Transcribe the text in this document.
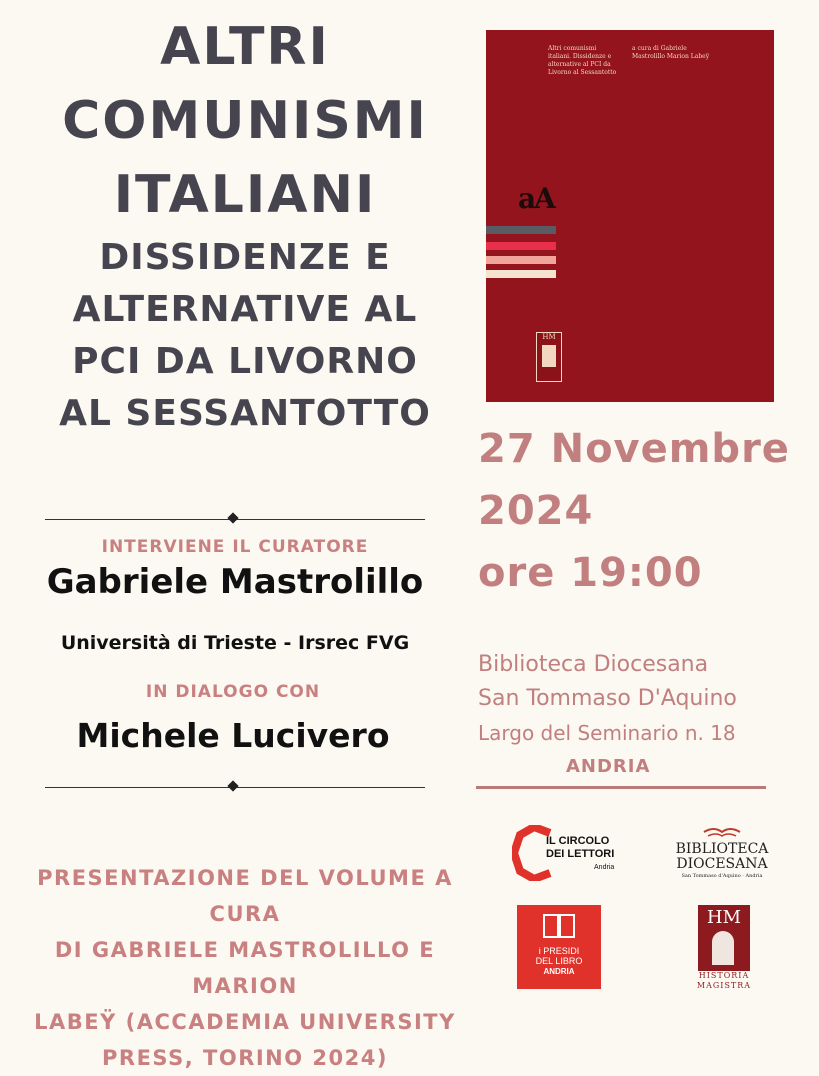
ALTRI
COMUNISMI
ITALIANI
DISSIDENZE E
ALTERNATIVE AL
PCI DA LIVORNO
AL SESSANTOTTO
Altri comunismi italiani. Dissidenze e alternative al PCI da Livorno al Sessantotto
a cura di Gabriele Mastrolillo Marion Labeÿ
aA
HM
INTERVIENE IL CURATORE
Gabriele Mastrolillo
Università di Trieste - Irsrec FVG
IN DIALOGO CON
Michele Lucivero
27 Novembre
2024
ore 19:00
Biblioteca Diocesana
San Tommaso D'Aquino
Largo del Seminario n. 18
ANDRIA
IL CIRCOLO
DEI LETTORI
Andria
BIBLIOTECA
DIOCESANA
San Tommaso d'Aquino · Andria
i PRESIDI
DEL LIBRO
ANDRIA
HM
HISTORIA
MAGISTRA
PRESENTAZIONE DEL VOLUME A CURA
DI GABRIELE MASTROLILLO E MARION
LABEŸ (ACCADEMIA UNIVERSITY
PRESS, TORINO 2024)
